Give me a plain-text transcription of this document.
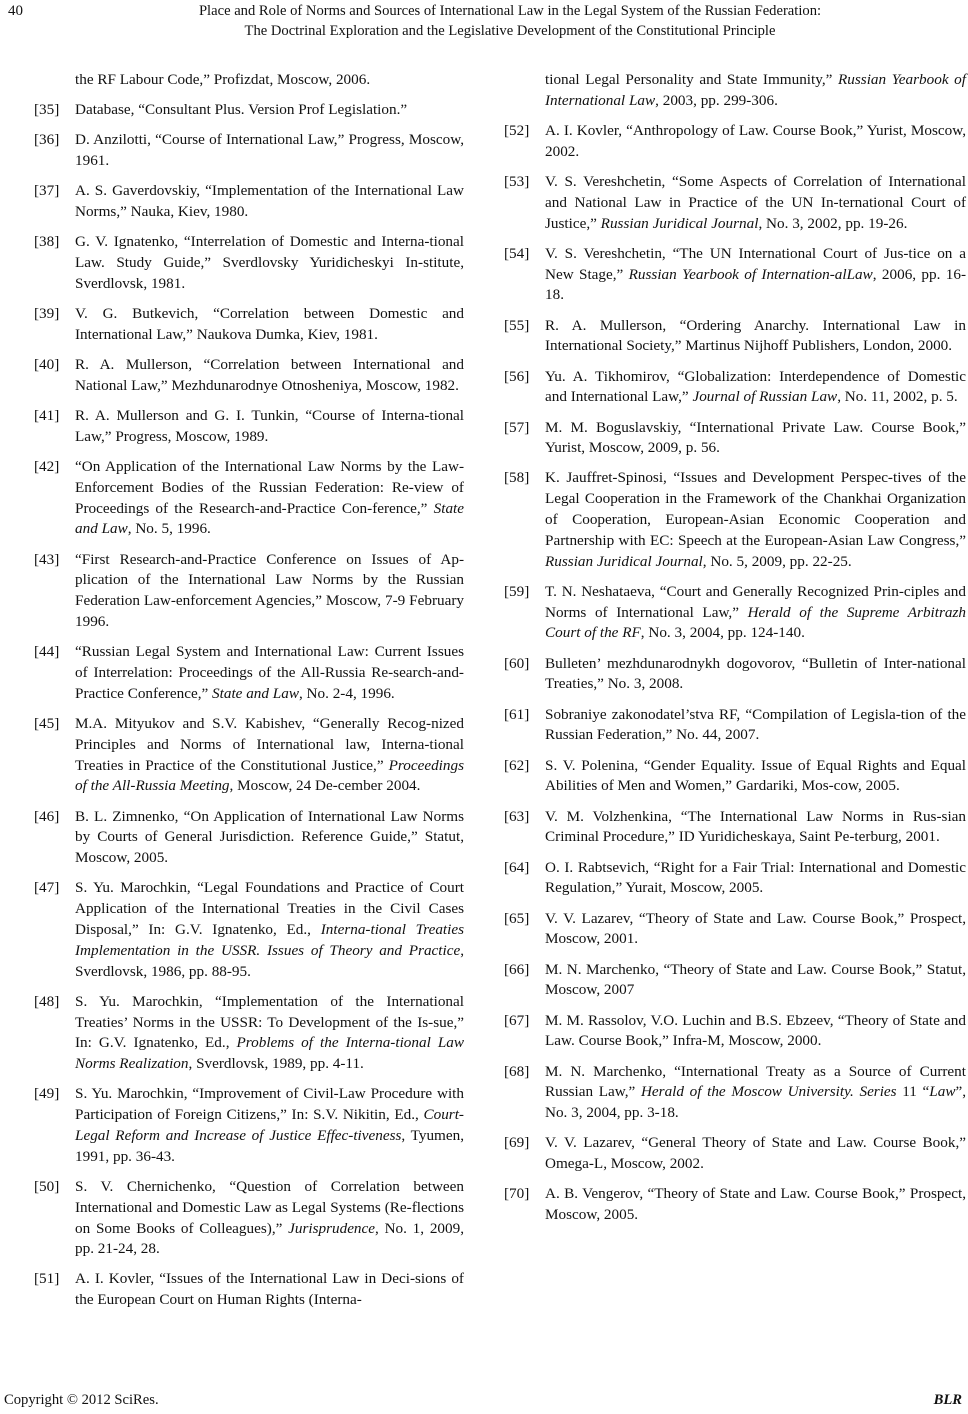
40	Place and Role of Norms and Sources of International Law in the Legal System of the Russian Federation:
The Doctrinal Exploration and the Legislative Development of the Constitutional Principle
the RF Labour Code,” Profizdat, Moscow, 2006.
[35] Database, “Consultant Plus. Version Prof Legislation.”
[36] D. Anzilotti, “Course of International Law,” Progress, Moscow, 1961.
[37] A. S. Gaverdovskiy, “Implementation of the International Law Norms,” Nauka, Kiev, 1980.
[38] G. V. Ignatenko, “Interrelation of Domestic and Interna-tional Law. Study Guide,” Sverdlovsky Yuridicheskyi In-stitute, Sverdlovsk, 1981.
[39] V. G. Butkevich, “Correlation between Domestic and International Law,” Naukova Dumka, Kiev, 1981.
[40] R. A. Mullerson, “Correlation between International and National Law,” Mezhdunarodnye Otnosheniya, Moscow, 1982.
[41] R. A. Mullerson and G. I. Tunkin, “Course of Interna-tional Law,” Progress, Moscow, 1989.
[42] “On Application of the International Law Norms by the Law-Enforcement Bodies of the Russian Federation: Re-view of Proceedings of the Research-and-Practice Con-ference,” State and Law, No. 5, 1996.
[43] “First Research-and-Practice Conference on Issues of Ap-plication of the International Law Norms by the Russian Federation Law-enforcement Agencies,” Moscow, 7-9 February 1996.
[44] “Russian Legal System and International Law: Current Issues of Interrelation: Proceedings of the All-Russia Re-search-and-Practice Conference,” State and Law, No. 2-4, 1996.
[45] M.A. Mityukov and S.V. Kabishev, “Generally Recog-nized Principles and Norms of International law, Interna-tional Treaties in Practice of the Constitutional Justice,” Proceedings of the All-Russia Meeting, Moscow, 24 De-cember 2004.
[46] B. L. Zimnenko, “On Application of International Law Norms by Courts of General Jurisdiction. Reference Guide,” Statut, Moscow, 2005.
[47] S. Yu. Marochkin, “Legal Foundations and Practice of Court Application of the International Treaties in the Civil Cases Disposal,” In: G.V. Ignatenko, Ed., Interna-tional Treaties Implementation in the USSR. Issues of Theory and Practice, Sverdlovsk, 1986, pp. 88-95.
[48] S. Yu. Marochkin, “Implementation of the International Treaties’ Norms in the USSR: To Development of the Is-sue,” In: G.V. Ignatenko, Ed., Problems of the Interna-tional Law Norms Realization, Sverdlovsk, 1989, pp. 4-11.
[49] S. Yu. Marochkin, “Improvement of Civil-Law Procedure with Participation of Foreign Citizens,” In: S.V. Nikitin, Ed., Court-Legal Reform and Increase of Justice Effec-tiveness, Tyumen, 1991, pp. 36-43.
[50] S. V. Chernichenko, “Question of Correlation between International and Domestic Law as Legal Systems (Re-flections on Some Books of Colleagues),” Jurisprudence, No. 1, 2009, pp. 21-24, 28.
[51] A. I. Kovler, “Issues of the International Law in Deci-sions of the European Court on Human Rights (Interna-
tional Legal Personality and State Immunity,” Russian Yearbook of International Law, 2003, pp. 299-306.
[52] A. I. Kovler, “Anthropology of Law. Course Book,” Yurist, Moscow, 2002.
[53] V. S. Vereshchetin, “Some Aspects of Correlation of International and National Law in Practice of the UN In-ternational Court of Justice,” Russian Juridical Journal, No. 3, 2002, pp. 19-26.
[54] V. S. Vereshchetin, “The UN International Court of Jus-tice on a New Stage,” Russian Yearbook of Internation-alLaw, 2006, pp. 16-18.
[55] R. A. Mullerson, “Ordering Anarchy. International Law in International Society,” Martinus Nijhoff Publishers, London, 2000.
[56] Yu. A. Tikhomirov, “Globalization: Interdependence of Domestic and International Law,” Journal of Russian Law, No. 11, 2002, p. 5.
[57] M. M. Boguslavskiy, “International Private Law. Course Book,” Yurist, Moscow, 2009, p. 56.
[58] K. Jauffret-Spinosi, “Issues and Development Perspec-tives of the Legal Cooperation in the Framework of the Chankhai Organization of Cooperation, European-Asian Economic Cooperation and Partnership with EC: Speech at the European-Asian Law Congress,” Russian Juridical Journal, No. 5, 2009, pp. 22-25.
[59] T. N. Neshataeva, “Court and Generally Recognized Prin-ciples and Norms of International Law,” Herald of the Supreme Arbitrazh Court of the RF, No. 3, 2004, pp. 124-140.
[60] Bulleten’ mezhdunarodnykh dogovorov, “Bulletin of Inter-national Treaties,” No. 3, 2008.
[61] Sobraniye zakonodatel’stva RF, “Compilation of Legisla-tion of the Russian Federation,” No. 44, 2007.
[62] S. V. Polenina, “Gender Equality. Issue of Equal Rights and Equal Abilities of Men and Women,” Gardariki, Mos-cow, 2005.
[63] V. M. Volzhenkina, “The International Law Norms in Rus-sian Criminal Procedure,” ID Yuridicheskaya, Saint Pe-terburg, 2001.
[64] O. I. Rabtsevich, “Right for a Fair Trial: International and Domestic Regulation,” Yurait, Moscow, 2005.
[65] V. V. Lazarev, “Theory of State and Law. Course Book,” Prospect, Moscow, 2001.
[66] M. N. Marchenko, “Theory of State and Law. Course Book,” Statut, Moscow, 2007
[67] M. M. Rassolov, V.O. Luchin and B.S. Ebzeev, “Theory of State and Law. Course Book,” Infra-M, Moscow, 2000.
[68] M. N. Marchenko, “International Treaty as a Source of Current Russian Law,” Herald of the Moscow University. Series 11 “Law”, No. 3, 2004, pp. 3-18.
[69] V. V. Lazarev, “General Theory of State and Law. Course Book,” Omega-L, Moscow, 2002.
[70] A. B. Vengerov, “Theory of State and Law. Course Book,” Prospect, Moscow, 2005.
Copyright © 2012 SciRes.	BLR
